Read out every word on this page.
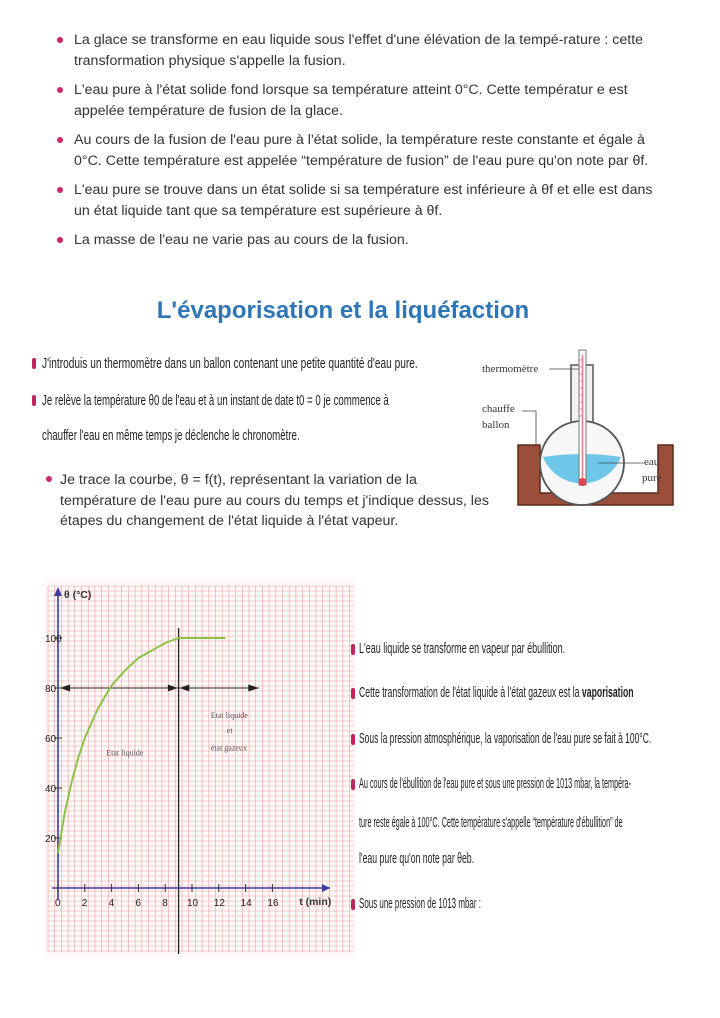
La glace se transforme en eau liquide sous l'effet d'une élévation de la tempé-rature : cette transformation physique s'appelle la fusion.
L'eau pure à l'état solide fond lorsque sa température atteint 0°C. Cette températur e est appelée température de fusion de la glace.
Au cours de la fusion de l'eau pure à l'état solide, la température reste constante et égale à 0°C. Cette température est appelée “température de fusion” de l'eau pure qu'on note par θf.
L'eau pure se trouve dans un état solide si sa température est inférieure à θf et elle est dans un état liquide tant que sa température est supérieure à θf.
La masse de l'eau ne varie pas au cours de la fusion.
L'évaporisation et la liquéfaction
J'introduis un thermomètre dans un ballon contenant une petite quantité d'eau pure.
Je relève la température θ0 de l'eau et à un instant de date t0 = 0 je commence à
chauffer l'eau en même temps je déclenche le chronomètre.
Je trace la courbe, θ = f(t), représentant la variation de la température de l'eau pure au cours du temps et j'indique dessus, les étapes du changement de l'état liquide à l'état vapeur.
thermomètre
chauffe
ballon
eau
pure
20
40
60
80
100
0 2 4 6 8 10 12 14 16
θ (°C)
t (min)
Etat liquide
Etat liquide
et
état gazeux
L'eau liquide se transforme en vapeur par ébullition.
Cette transformation de l'état liquide à l'état gazeux est la vaporisation
Sous la pression atmosphérique, la vaporisation de l'eau pure se fait à 100°C.
Au cours de l'ébullition de l'eau pure et sous une pression de 1013 mbar, la tempéra-
ture reste égale à 100°C. Cette température s'appelle “température d'ébullition” de
l'eau pure qu'on note par θeb.
Sous une pression de 1013 mbar :
